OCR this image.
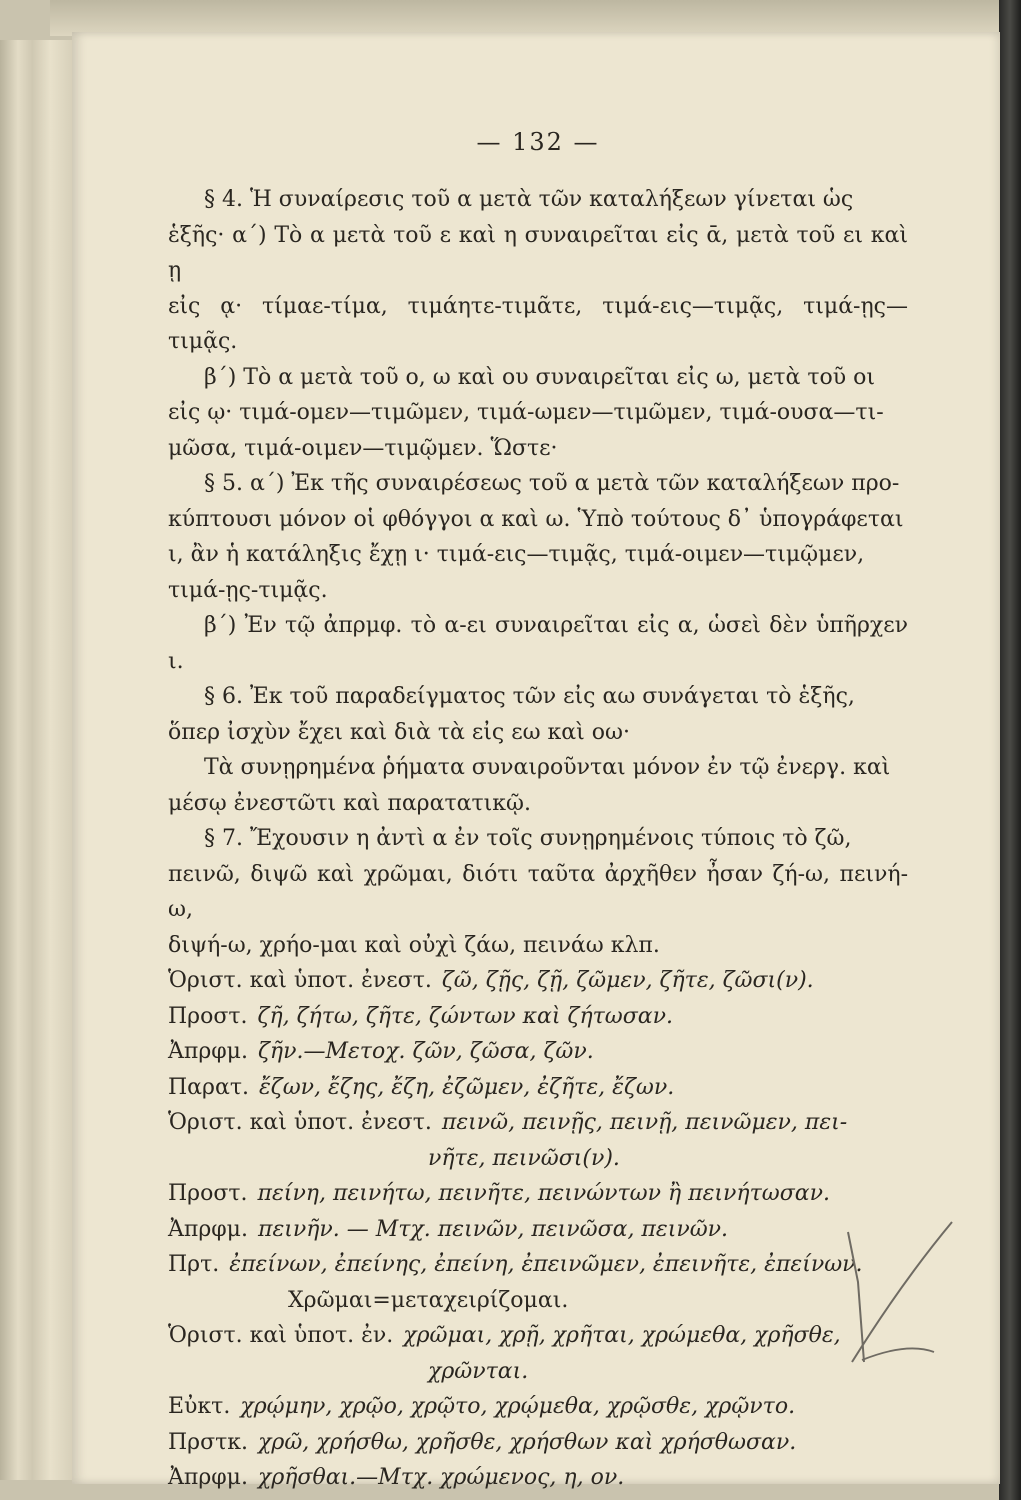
— 132 —

§ 4. Ἡ συναίρεσις τοῦ α μετὰ τῶν καταλήξεων γίνεται ὡς

ἑξῆς· α΄) Τὸ α μετὰ τοῦ ε καὶ η συναιρεῖται εἰς ᾱ, μετὰ τοῦ ει καὶ ῃ

εἰς ᾳ· τίμαε-τίμα, τιμάητε-τιμᾶτε, τιμά-εις—τιμᾷς, τιμά-ῃς—τιμᾷς.

β΄) Τὸ α μετὰ τοῦ ο, ω καὶ ου συναιρεῖται εἰς ω, μετὰ τοῦ οι

εἰς ῳ· τιμά-ομεν—τιμῶμεν, τιμά-ωμεν—τιμῶμεν, τιμά-ουσα—τι-

μῶσα, τιμά-οιμεν—τιμῷμεν. Ὥστε·

§ 5. α΄) Ἐκ τῆς συναιρέσεως τοῦ α μετὰ τῶν καταλήξεων προ-

κύπτουσι μόνον οἱ φθόγγοι α καὶ ω. Ὑπὸ τούτους δ᾽ ὑπογράφεται

ι, ἂν ἡ κατάληξις ἔχῃ ι· τιμά-εις—τιμᾷς, τιμά-οιμεν—τιμῷμεν,

τιμά-ῃς-τιμᾷς.

β΄) Ἐν τῷ ἀπρμφ. τὸ α-ει συναιρεῖται εἰς α, ὡσεὶ δὲν ὑπῆρχεν ι.

§ 6. Ἐκ τοῦ παραδείγματος τῶν εἰς αω συνάγεται τὸ ἑξῆς,

ὅπερ ἰσχὺν ἔχει καὶ διὰ τὰ εἰς εω καὶ οω·

Τὰ συνῃρημένα ῥήματα συναιροῦνται μόνον ἐν τῷ ἐνεργ. καὶ

μέσῳ ἐνεστῶτι καὶ παρατατικῷ.

§ 7. Ἔχουσιν η ἀντὶ α ἐν τοῖς συνῃρημένοις τύποις τὸ ζῶ,

πεινῶ, διψῶ καὶ χρῶμαι, διότι ταῦτα ἀρχῆθεν ἦσαν ζή-ω, πεινή-ω,

διψή-ω, χρήο-μαι καὶ οὐχὶ ζάω, πεινάω κλπ.

Ὁριστ. καὶ ὑποτ. ἐνεστ. ζῶ, ζῇς, ζῇ, ζῶμεν, ζῆτε, ζῶσι(ν).
Προστ. ζῆ, ζήτω, ζῆτε, ζώντων καὶ ζήτωσαν.
Ἀπρφμ. ζῆν.—Μετοχ. ζῶν, ζῶσα, ζῶν.
Παρατ. ἔζων, ἔζης, ἔζη, ἐζῶμεν, ἐζῆτε, ἔζων.
Ὁριστ. καὶ ὑποτ. ἐνεστ. πεινῶ, πεινῇς, πεινῇ, πεινῶμεν, πει-
νῆτε, πεινῶσι(ν).
Προστ. πείνη, πεινήτω, πεινῆτε, πεινώντων ἢ πεινήτωσαν.
Ἀπρφμ. πεινῆν. — Μτχ. πεινῶν, πεινῶσα, πεινῶν.
Πρτ. ἐπείνων, ἐπείνης, ἐπείνη, ἐπεινῶμεν, ἐπεινῆτε, ἐπείνων.
Χρῶμαι=μεταχειρίζομαι.
Ὁριστ. καὶ ὑποτ. ἐν. χρῶμαι, χρῇ, χρῆται, χρώμεθα, χρῆσθε,
χρῶνται.
Εὐκτ. χρῴμην, χρῷο, χρῷτο, χρῴμεθα, χρῷσθε, χρῷντο.
Πρστκ. χρῶ, χρήσθω, χρῆσθε, χρήσθων καὶ χρήσθωσαν.
Ἀπρφμ. χρῆσθαι.—Μτχ. χρώμενος, η, ον.
